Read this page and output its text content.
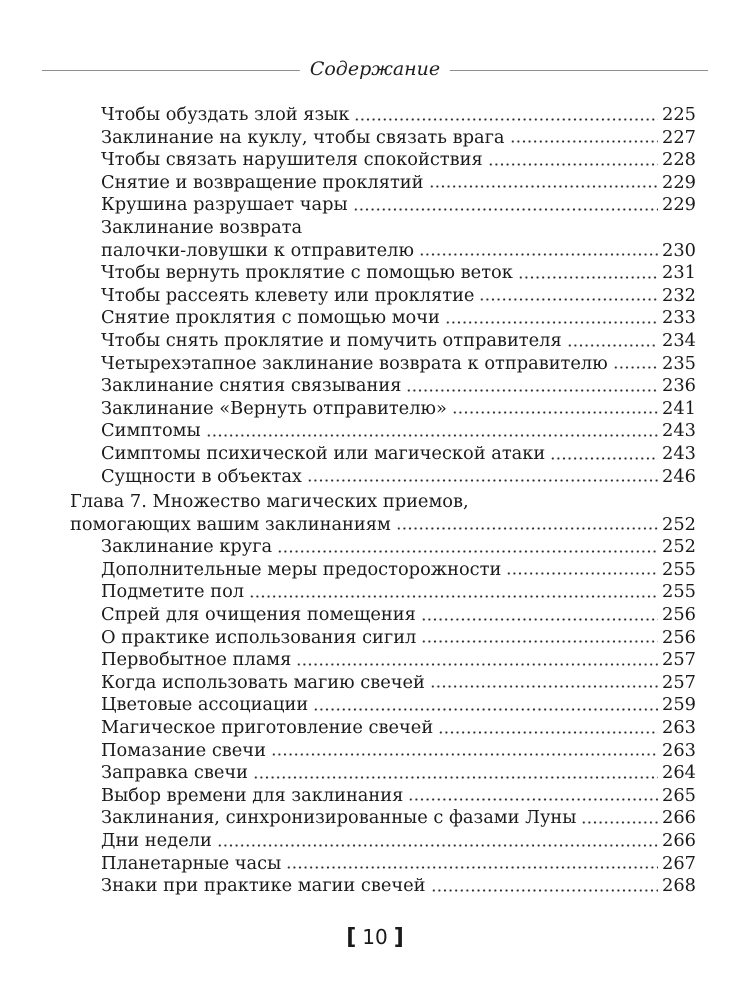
Содержание
Чтобы обуздать злой язык	225
Заклинание на куклу, чтобы связать врага	227
Чтобы связать нарушителя спокойствия	228
Снятие и возвращение проклятий	229
Крушина разрушает чары	229
Заклинание возврата
палочки-ловушки к отправителю	230
Чтобы вернуть проклятие с помощью веток	231
Чтобы рассеять клевету или проклятие	232
Снятие проклятия с помощью мочи	233
Чтобы снять проклятие и помучить отправителя	234
Четырехэтапное заклинание возврата к отправителю	235
Заклинание снятия связывания	236
Заклинание «Вернуть отправителю»	241
Симптомы	243
Симптомы психической или магической атаки	243
Сущности в объектах	246
Глава 7. Множество магических приемов,
помогающих вашим заклинаниям	252
Заклинание круга	252
Дополнительные меры предосторожности	255
Подметите пол	255
Спрей для очищения помещения	256
О практике использования сигил	256
Первобытное пламя	257
Когда использовать магию свечей	257
Цветовые ассоциации	259
Магическое приготовление свечей	263
Помазание свечи	263
Заправка свечи	264
Выбор времени для заклинания	265
Заклинания, синхронизированные с фазами Луны	266
Дни недели	266
Планетарные часы	267
Знаки при практике магии свечей	268
[ 10 ]
